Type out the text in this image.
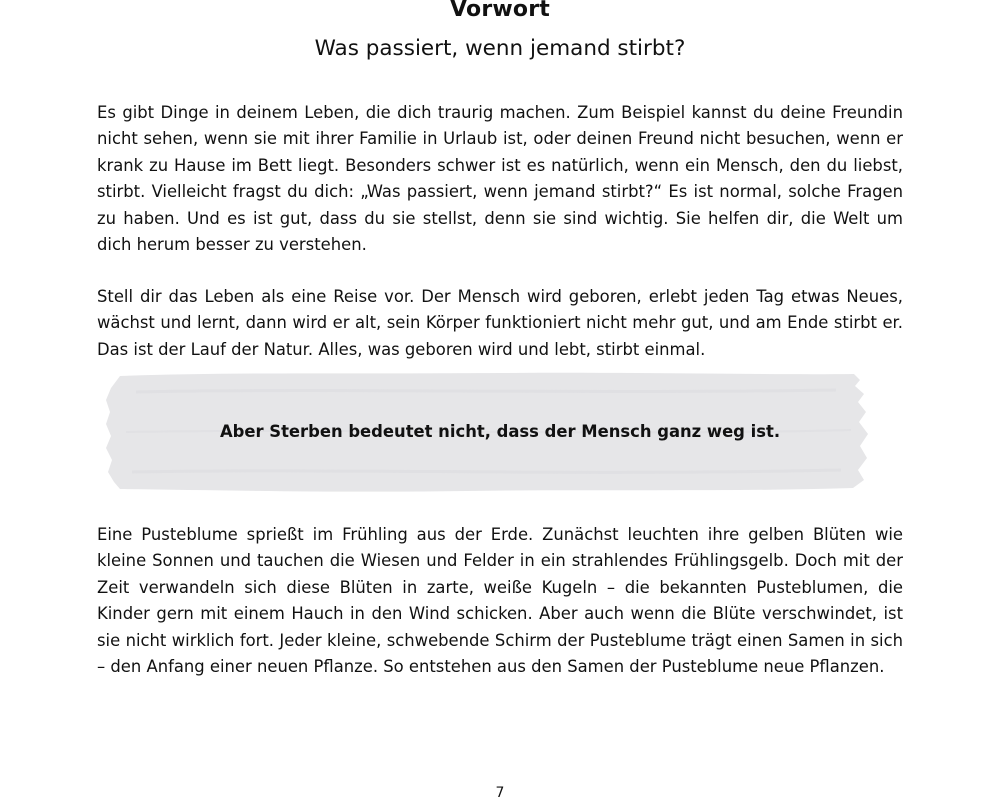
Vorwort
Was passiert, wenn jemand stirbt?

Es gibt Dinge in deinem Leben, die dich traurig machen. Zum Beispiel kannst du deine Freundin nicht sehen, wenn sie mit ihrer Familie in Urlaub ist, oder deinen Freund nicht besuchen, wenn er krank zu Hause im Bett liegt. Besonders schwer ist es natürlich, wenn ein Mensch, den du liebst, stirbt. Vielleicht fragst du dich: „Was passiert, wenn jemand stirbt?“ Es ist normal, solche Fragen zu haben. Und es ist gut, dass du sie stellst, denn sie sind wichtig. Sie helfen dir, die Welt um dich herum besser zu verstehen.

Stell dir das Leben als eine Reise vor. Der Mensch wird geboren, erlebt jeden Tag etwas Neues, wächst und lernt, dann wird er alt, sein Körper funktioniert nicht mehr gut, und am Ende stirbt er. Das ist der Lauf der Natur. Alles, was geboren wird und lebt, stirbt einmal.

Aber Sterben bedeutet nicht, dass der Mensch ganz weg ist.

Eine Pusteblume sprießt im Frühling aus der Erde. Zunächst leuchten ihre gelben Blüten wie kleine Sonnen und tauchen die Wiesen und Felder in ein strahlendes Frühlingsgelb. Doch mit der Zeit verwandeln sich diese Blüten in zarte, weiße Kugeln – die bekannten Pusteblumen, die Kinder gern mit einem Hauch in den Wind schicken. Aber auch wenn die Blüte verschwindet, ist sie nicht wirklich fort. Jeder kleine, schwebende Schirm der Pusteblume trägt einen Samen in sich – den Anfang einer neuen Pflanze. So entstehen aus den Samen der Pusteblume neue Pflanzen.

7
